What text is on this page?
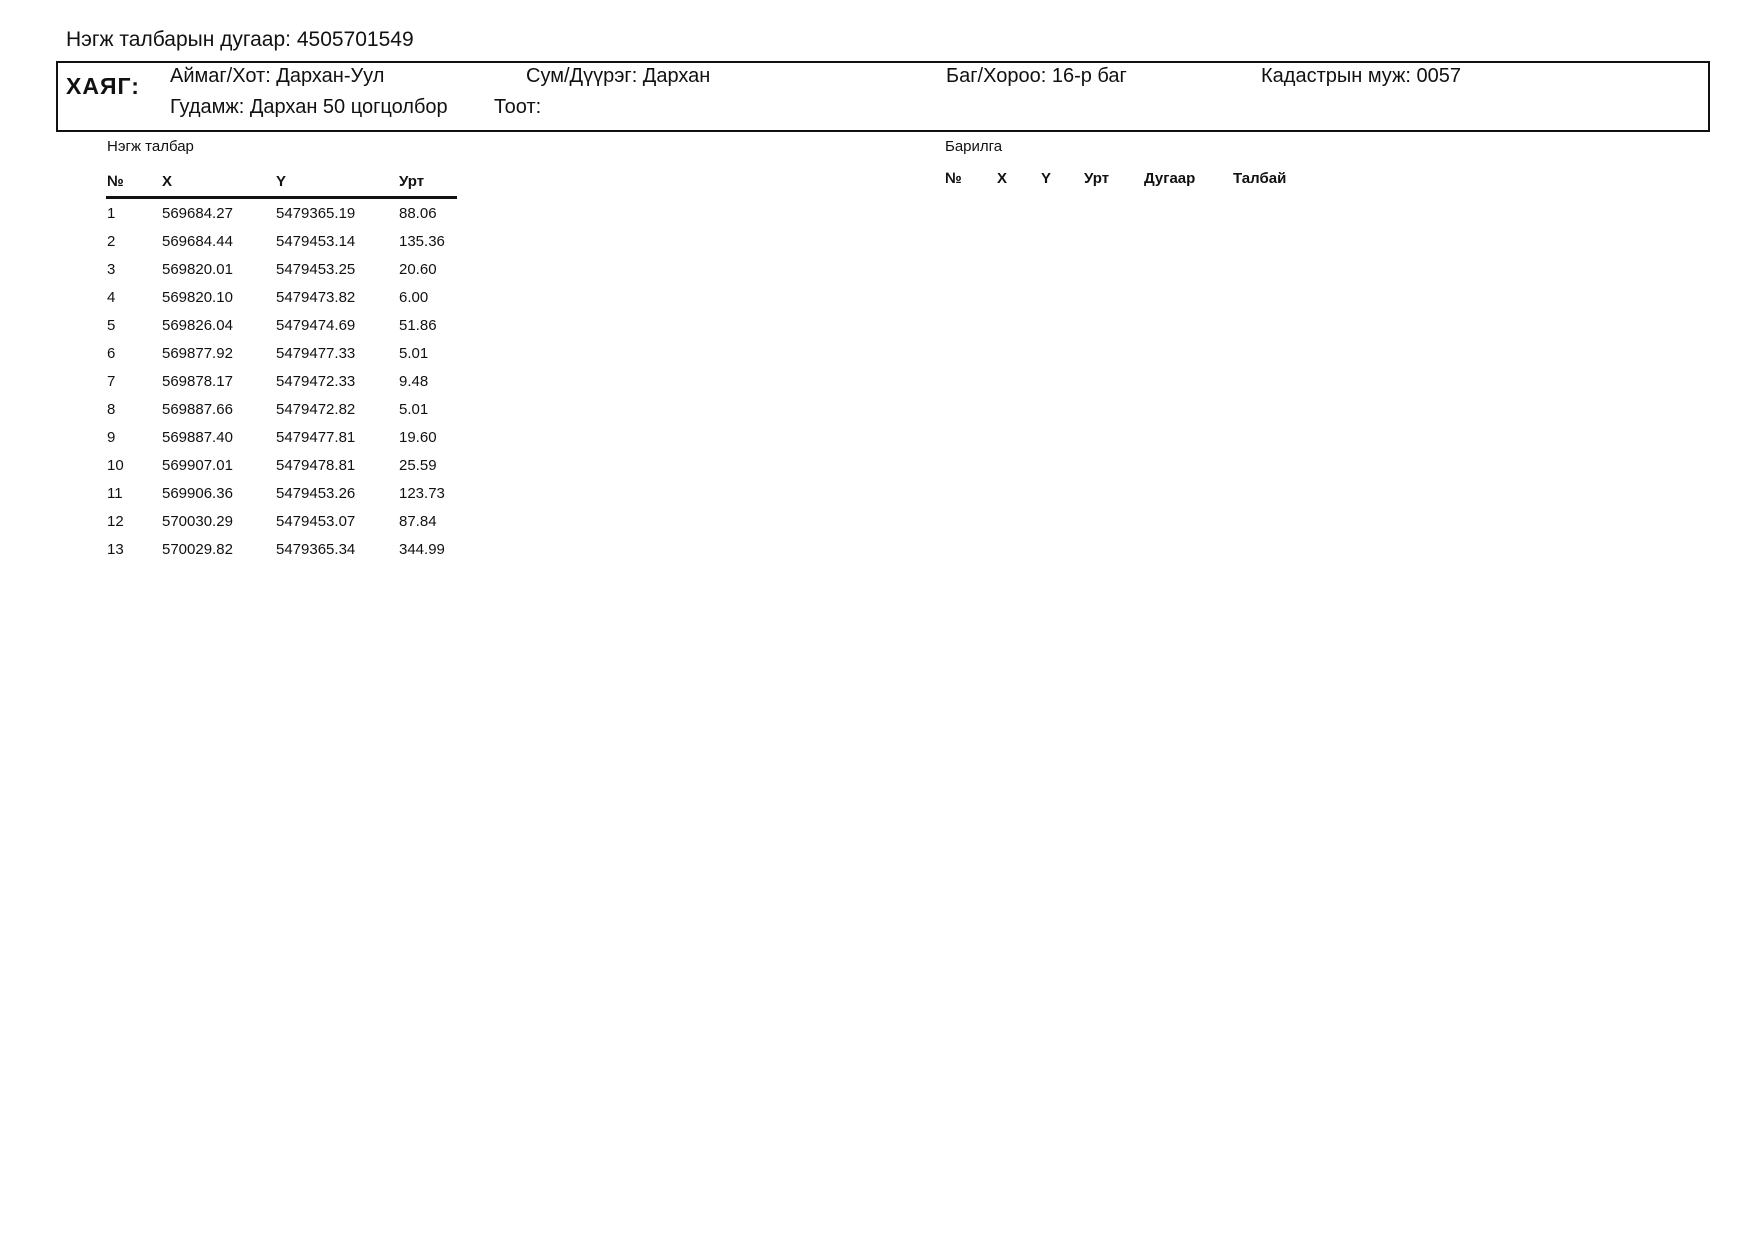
Нэгж талбарын дугаар: 4505701549
ХАЯГ: Аймаг/Хот: Дархан-Уул	Сум/Дүүрэг: Дархан	Баг/Хороо: 16-р баг	Кадастрын муж: 0057
Гудамж: Дархан 50 цогцолбор Тоот:
Нэгж талбар
№	X	Y	Урт
1	569684.27	5479365.19	88.06
2	569684.44	5479453.14	135.36
3	569820.01	5479453.25	20.60
4	569820.10	5479473.82	6.00
5	569826.04	5479474.69	51.86
6	569877.92	5479477.33	5.01
7	569878.17	5479472.33	9.48
8	569887.66	5479472.82	5.01
9	569887.40	5479477.81	19.60
10	569907.01	5479478.81	25.59
11	569906.36	5479453.26	123.73
12	570030.29	5479453.07	87.84
13	570029.82	5479365.34	344.99
Барилга
№ X Y Урт Дугаар	Талбай
